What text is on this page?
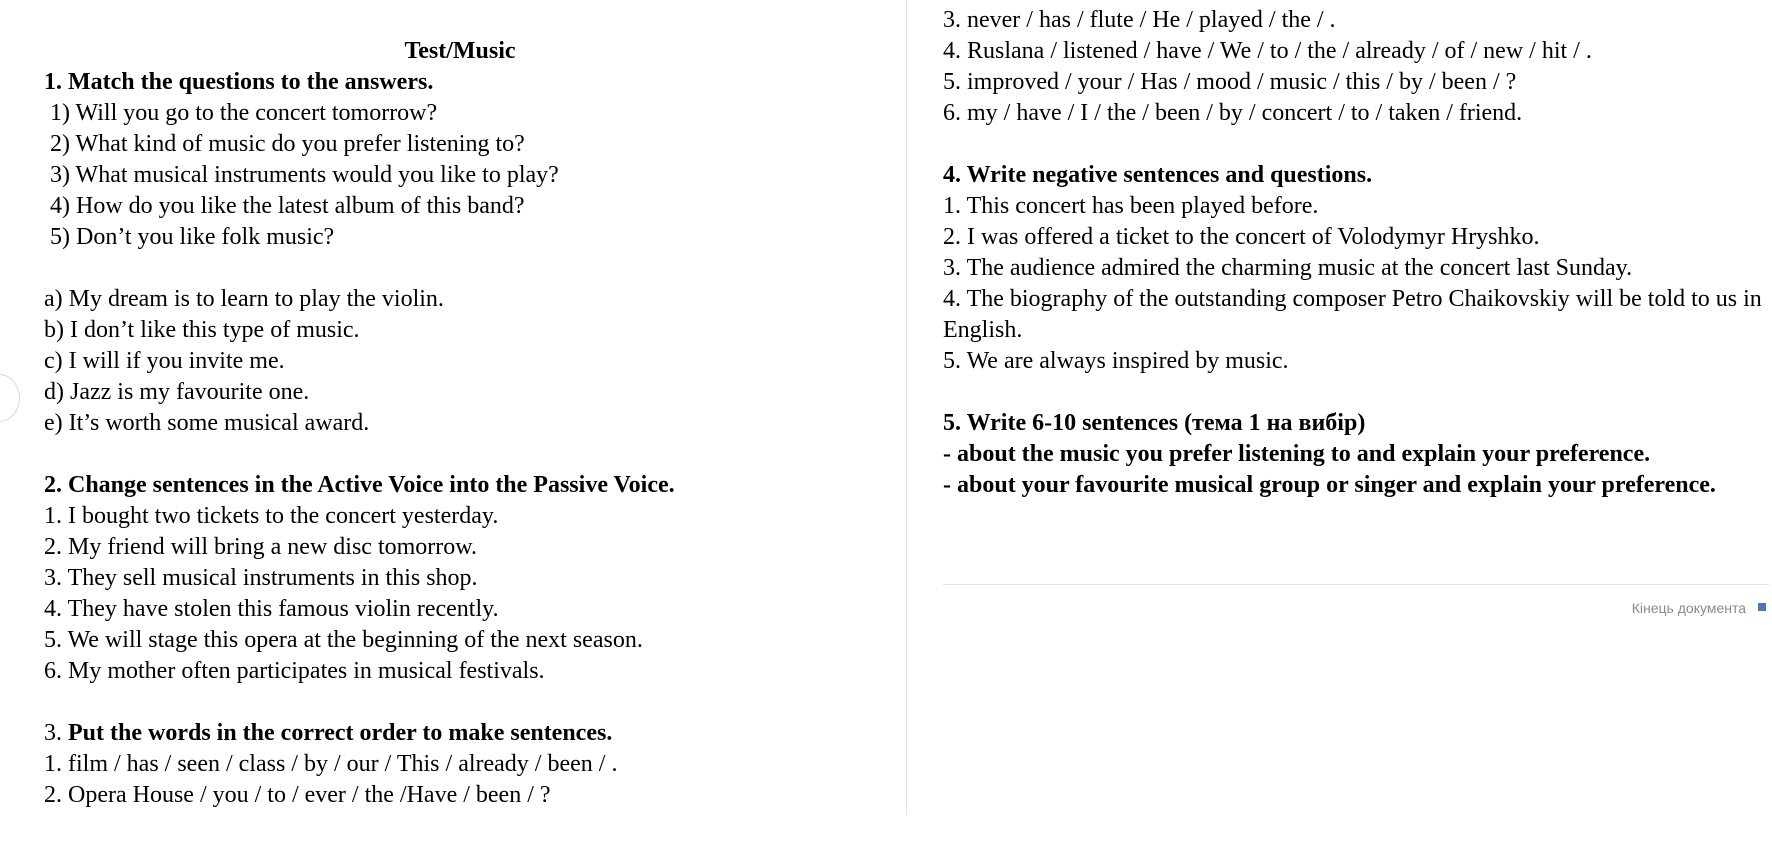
Test/Music
1. Match the questions to the answers.
1) Will you go to the concert tomorrow?
2) What kind of music do you prefer listening to?
3) What musical instruments would you like to play?
4) How do you like the latest album of this band?
5) Don’t you like folk music?
a) My dream is to learn to play the violin.
b) I don’t like this type of music.
c) I will if you invite me.
d) Jazz is my favourite one.
e) It’s worth some musical award.
2. Change sentences in the Active Voice into the Passive Voice.
1. I bought two tickets to the concert yesterday.
2. My friend will bring a new disc tomorrow.
3. They sell musical instruments in this shop.
4. They have stolen this famous violin recently.
5. We will stage this opera at the beginning of the next season.
6. My mother often participates in musical festivals.
3. Put the words in the correct order to make sentences.
1. film / has / seen / class / by / our / This / already / been / .
2. Opera House / you / to / ever / the /Have / been / ?
3. never / has / flute / He / played / the / .
4. Ruslana / listened / have / We / to / the / already / of / new / hit / .
5. improved / your / Has / mood / music / this / by / been / ?
6. my / have / I / the / been / by / concert / to / taken / friend.
4. Write negative sentences and questions.
1. This concert has been played before.
2. I was offered a ticket to the concert of Volodymyr Hryshko.
3. The audience admired the charming music at the concert last Sunday.
4. The biography of the outstanding composer Petro Chaikovskiy will be told to us in English.
5. We are always inspired by music.
5. Write 6-10 sentences (тема 1 на вибір)
- about the music you prefer listening to and explain your preference.
- about your favourite musical group or singer and explain your preference.
Кінець документа
